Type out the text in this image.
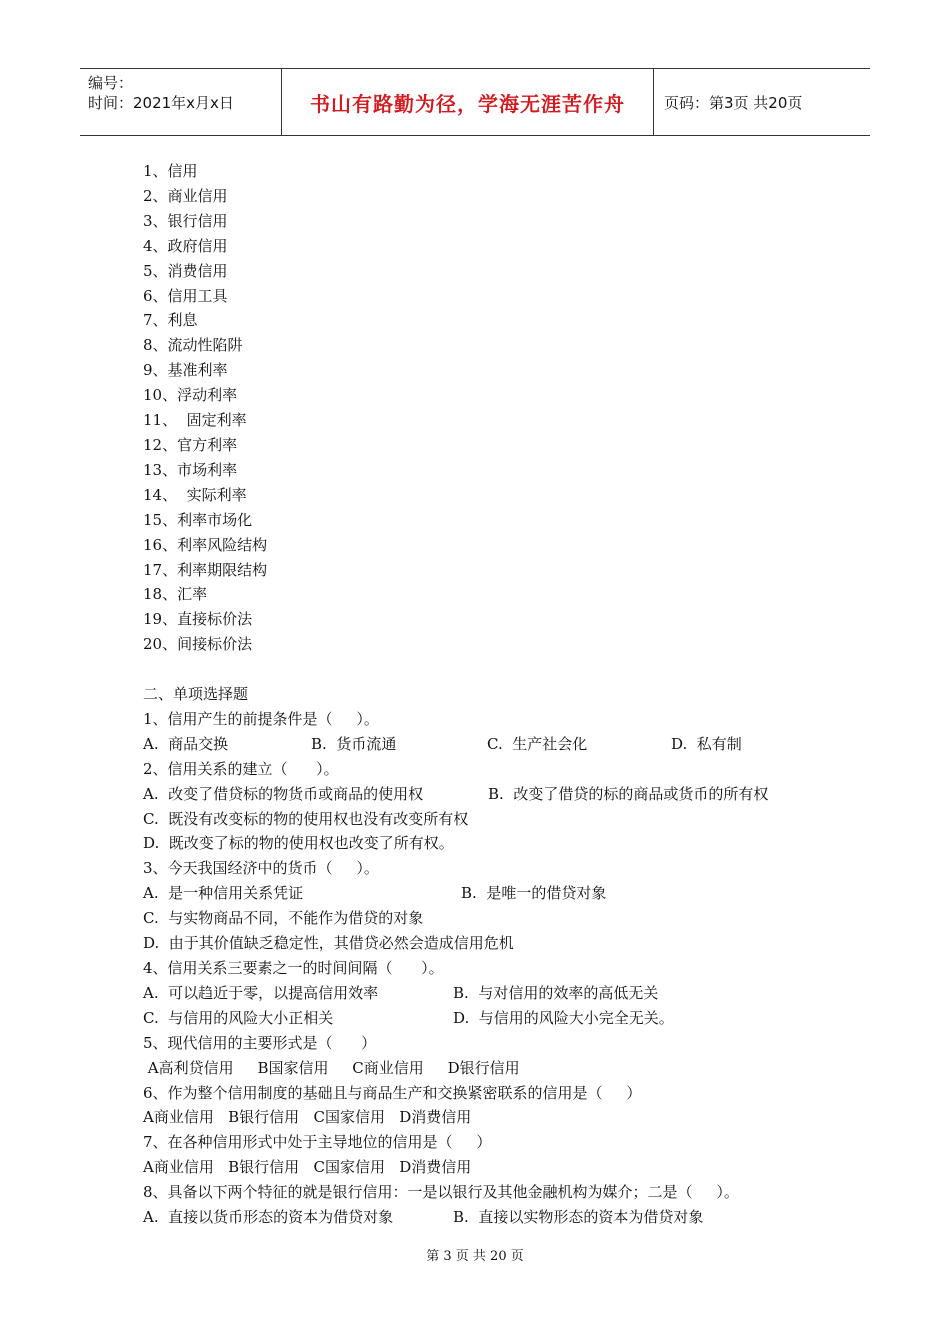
编号：
时间：2021年x月x日	书山有路勤为径，学海无涯苦作舟	页码：第3页 共20页
1、信用
2、商业信用
3、银行信用
4、政府信用
5、消费信用
6、信用工具
7、利息
8、流动性陷阱
9、基准利率
10、浮动利率
11、  固定利率
12、官方利率
13、市场利率
14、  实际利率
15、利率市场化
16、利率风险结构
17、利率期限结构
18、汇率
19、直接标价法
20、间接标价法
二、单项选择题
1、信用产生的前提条件是（     ）。
A.  商品交换	B.  货币流通	C.  生产社会化	D.  私有制
2、信用关系的建立（      ）。
A.  改变了借贷标的物货币或商品的使用权	B.  改变了借贷的标的商品或货币的所有权
C.  既没有改变标的物的使用权也没有改变所有权
D.  既改变了标的物的使用权也改变了所有权。
3、今天我国经济中的货币（     ）。
A.  是一种信用关系凭证	B.  是唯一的借贷对象
C.  与实物商品不同，不能作为借贷的对象
D.  由于其价值缺乏稳定性，其借贷必然会造成信用危机
4、信用关系三要素之一的时间间隔（      ）。
A.  可以趋近于零，以提高信用效率	B.  与对信用的效率的高低无关
C.  与信用的风险大小正相关	D.  与信用的风险大小完全无关。
5、现代信用的主要形式是（      ）
A高利贷信用     B国家信用     C商业信用     D银行信用
6、作为整个信用制度的基础且与商品生产和交换紧密联系的信用是（     ）
A商业信用   B银行信用   C国家信用   D消费信用
7、在各种信用形式中处于主导地位的信用是（     ）
A商业信用   B银行信用   C国家信用   D消费信用
8、具备以下两个特征的就是银行信用：一是以银行及其他金融机构为媒介；二是（     ）。
A.  直接以货币形态的资本为借贷对象	B.  直接以实物形态的资本为借贷对象
第 3 页 共 20 页
